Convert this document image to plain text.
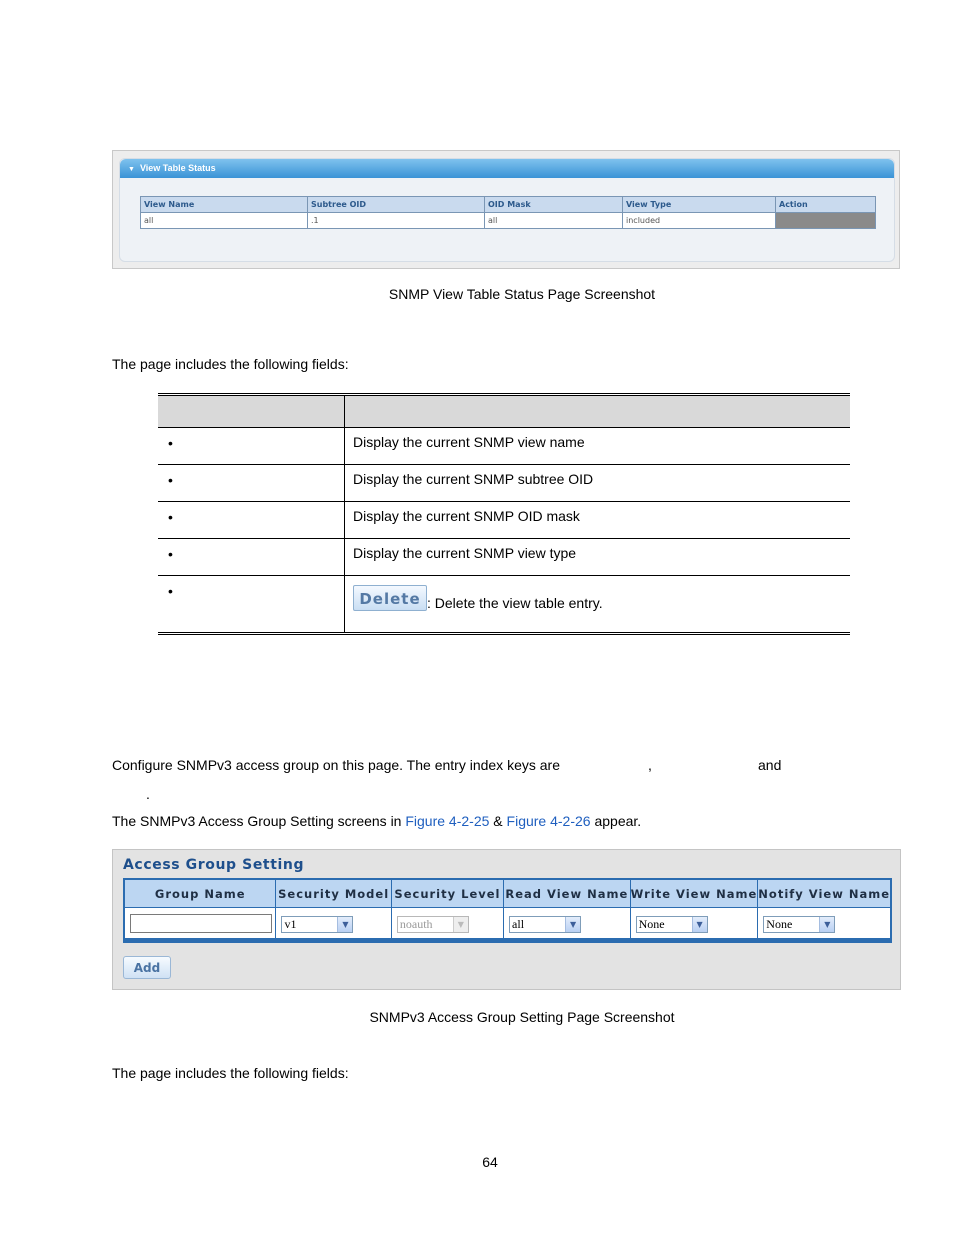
▼ View Table Status
View Name	Subtree OID	OID Mask	View Type	Action
all	.1	all	included	
SNMP View Table Status Page Screenshot
The page includes the following fields:

•	Display the current SNMP view name
•	Display the current SNMP subtree OID
•	Display the current SNMP OID mask
•	Display the current SNMP view type
•	Delete : Delete the view table entry.
Configure SNMPv3 access group on this page. The entry index keys are	,	and
.
The SNMPv3 Access Group Setting screens in Figure 4-2-25 & Figure 4-2-26 appear.
Access Group Setting
Group Name	Security Model	Security Level	Read View Name	Write View Name	Notify View Name
	v1 ▼	noauth ▼	all ▼	None ▼	None ▼
Add
SNMPv3 Access Group Setting Page Screenshot
The page includes the following fields:
64
